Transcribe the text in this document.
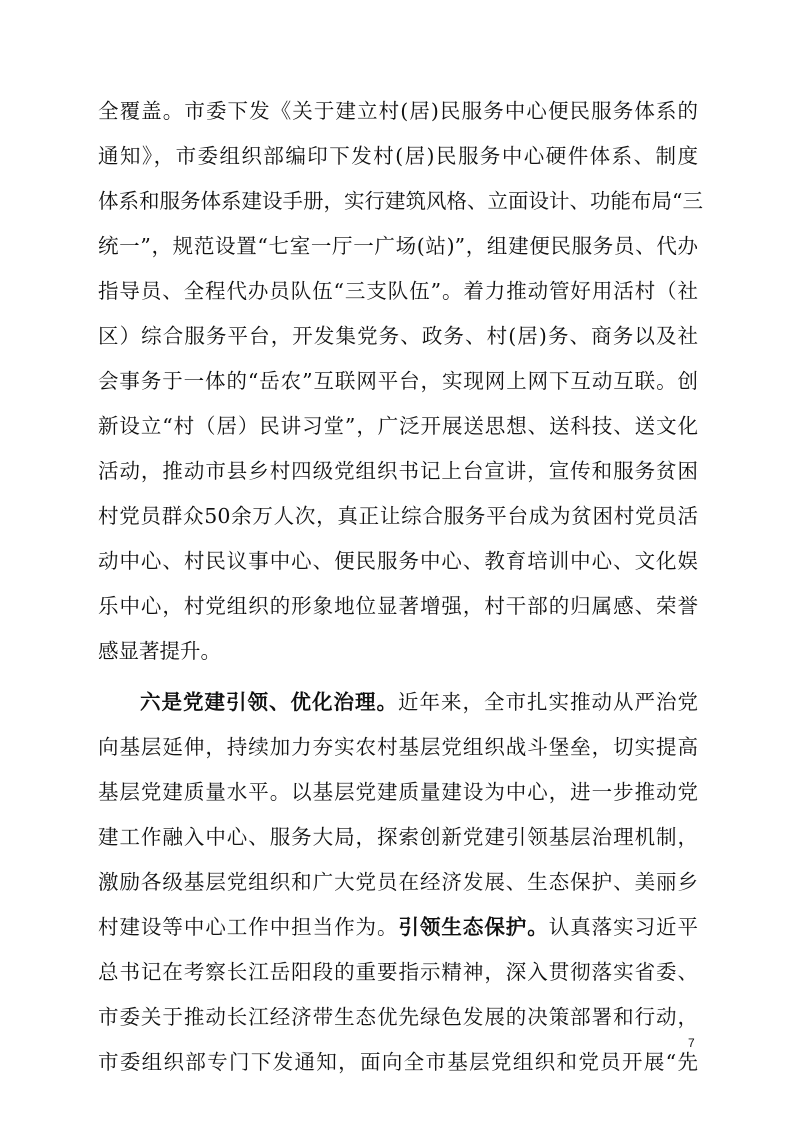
全覆盖。市委下发《关于建立村(居)民服务中心便民服务体系的
通知》，市委组织部编印下发村(居)民服务中心硬件体系、制度
体系和服务体系建设手册，实行建筑风格、立面设计、功能布局“三
统一”，规范设置“七室一厅一广场(站)”，组建便民服务员、代办
指导员、全程代办员队伍“三支队伍”。着力推动管好用活村（社
区）综合服务平台，开发集党务、政务、村(居)务、商务以及社
会事务于一体的“岳农”互联网平台，实现网上网下互动互联。创
新设立“村（居）民讲习堂”，广泛开展送思想、送科技、送文化
活动，推动市县乡村四级党组织书记上台宣讲，宣传和服务贫困
村党员群众50余万人次，真正让综合服务平台成为贫困村党员活
动中心、村民议事中心、便民服务中心、教育培训中心、文化娱
乐中心，村党组织的形象地位显著增强，村干部的归属感、荣誉
感显著提升。
六是党建引领、优化治理。近年来，全市扎实推动从严治党
向基层延伸，持续加力夯实农村基层党组织战斗堡垒，切实提高
基层党建质量水平。以基层党建质量建设为中心，进一步推动党
建工作融入中心、服务大局，探索创新党建引领基层治理机制，
激励各级基层党组织和广大党员在经济发展、生态保护、美丽乡
村建设等中心工作中担当作为。引领生态保护。认真落实习近平
总书记在考察长江岳阳段的重要指示精神，深入贯彻落实省委、
市委关于推动长江经济带生态优先绿色发展的决策部署和行动，
市委组织部专门下发通知，面向全市基层党组织和党员开展“先
7
